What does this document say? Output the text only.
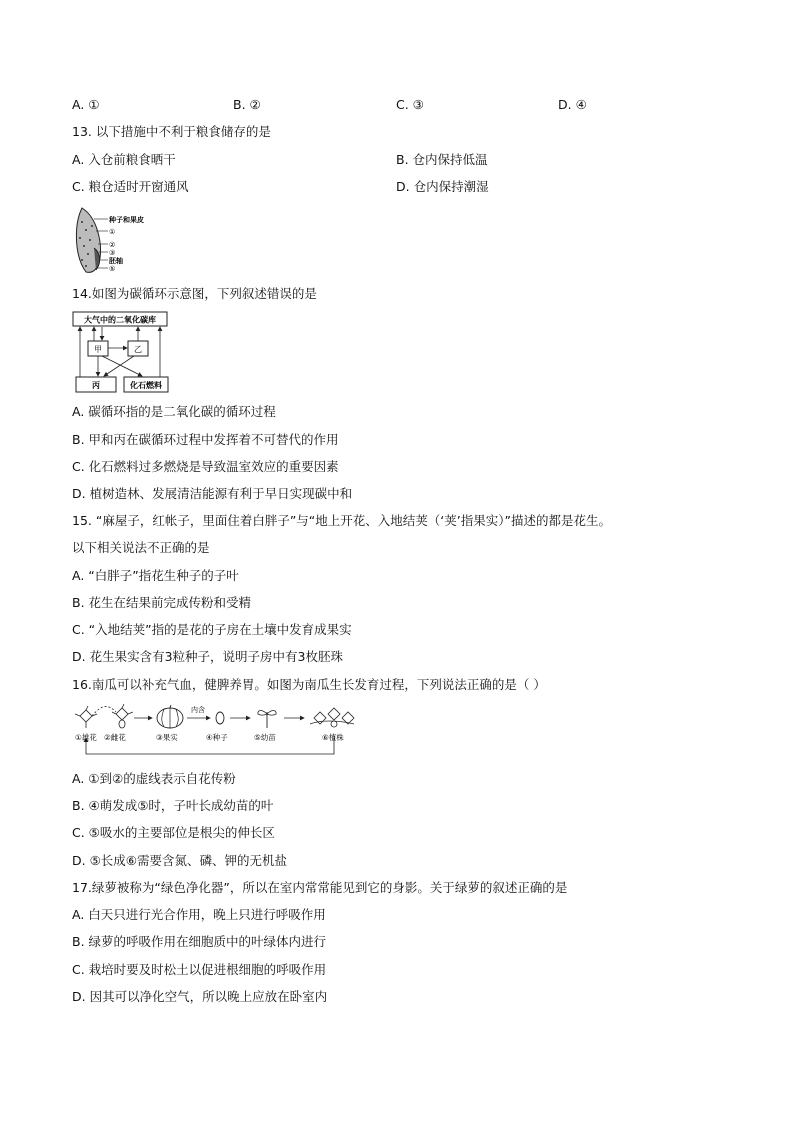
A. ①	B. ②	C. ③	D. ④
13. 以下措施中不利于粮食储存的是
A. 入仓前粮食晒干	B. 仓内保持低温
C. 粮仓适时开窗通风	D. 仓内保持潮湿
种子和果皮
①
②
③
胚轴
⑤
14.如图为碳循环示意图，下列叙述错误的是
大气中的二氧化碳库
甲	乙
丙	化石燃料
A. 碳循环指的是二氧化碳的循环过程
B. 甲和丙在碳循环过程中发挥着不可替代的作用
C. 化石燃料过多燃烧是导致温室效应的重要因素
D. 植树造林、发展清洁能源有利于早日实现碳中和
15. “麻屋子，红帐子，里面住着白胖子”与“地上开花、入地结荚（‘荚’指果实）”描述的都是花生。
以下相关说法不正确的是
A. “白胖子”指花生种子的子叶
B. 花生在结果前完成传粉和受精
C. “入地结荚”指的是花的子房在土壤中发育成果实
D. 花生果实含有3粒种子，说明子房中有3枚胚珠
16.南瓜可以补充气血，健脾养胃。如图为南瓜生长发育过程，下列说法正确的是（ ）
内含
①雄花 ②雌花	③果实	④种子	⑤幼苗	⑥植株
A. ①到②的虚线表示自花传粉
B. ④萌发成⑤时，子叶长成幼苗的叶
C. ⑤吸水的主要部位是根尖的伸长区
D. ⑤长成⑥需要含氮、磷、钾的无机盐
17.绿萝被称为“绿色净化器”，所以在室内常常能见到它的身影。关于绿萝的叙述正确的是
A. 白天只进行光合作用，晚上只进行呼吸作用
B. 绿萝的呼吸作用在细胞质中的叶绿体内进行
C. 栽培时要及时松土以促进根细胞的呼吸作用
D. 因其可以净化空气，所以晚上应放在卧室内
